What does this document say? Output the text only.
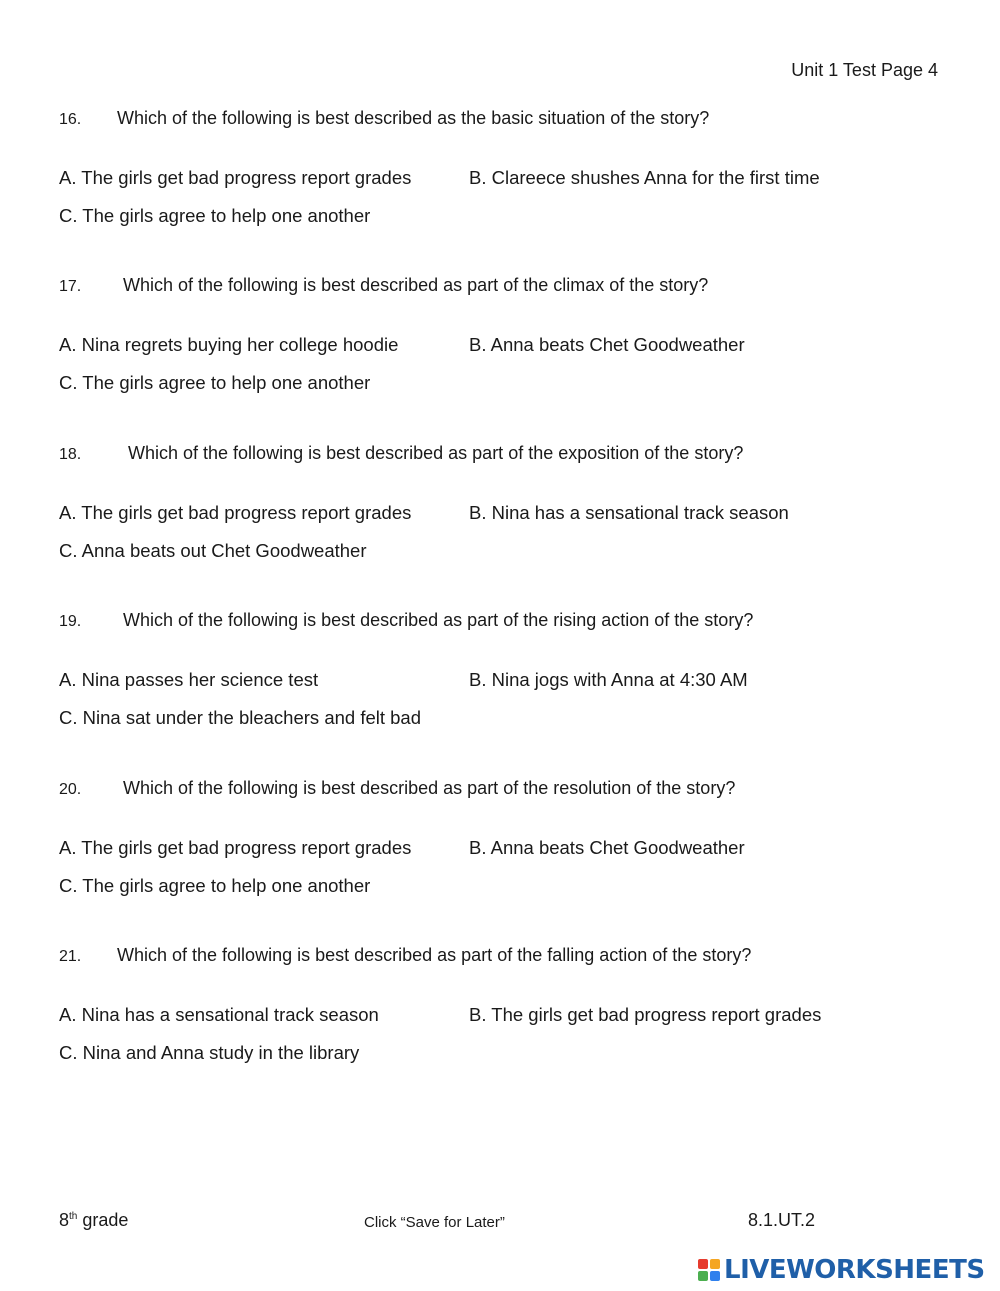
Unit 1 Test Page 4
16. Which of the following is best described as the basic situation of the story?
A. The girls get bad progress report grades	B. Clareece shushes Anna for the first time
C. The girls agree to help one another
17. Which of the following is best described as part of the climax of the story?
A. Nina regrets buying her college hoodie	B. Anna beats Chet Goodweather
C. The girls agree to help one another
18.	Which of the following is best described as part of the exposition of the story?
A. The girls get bad progress report grades	B. Nina has a sensational track season
C. Anna beats out Chet Goodweather
19. Which of the following is best described as part of the rising action of the story?
A. Nina passes her science test	B. Nina jogs with Anna at 4:30 AM
C. Nina sat under the bleachers and felt bad
20. Which of the following is best described as part of the resolution of the story?
A. The girls get bad progress report grades	B. Anna beats Chet Goodweather
C. The girls agree to help one another
21. Which of the following is best described as part of the falling action of the story?
A. Nina has a sensational track season	B. The girls get bad progress report grades
C. Nina and Anna study in the library
8th grade	Click “Save for Later”	8.1.UT.2
LIVEWORKSHEETS
